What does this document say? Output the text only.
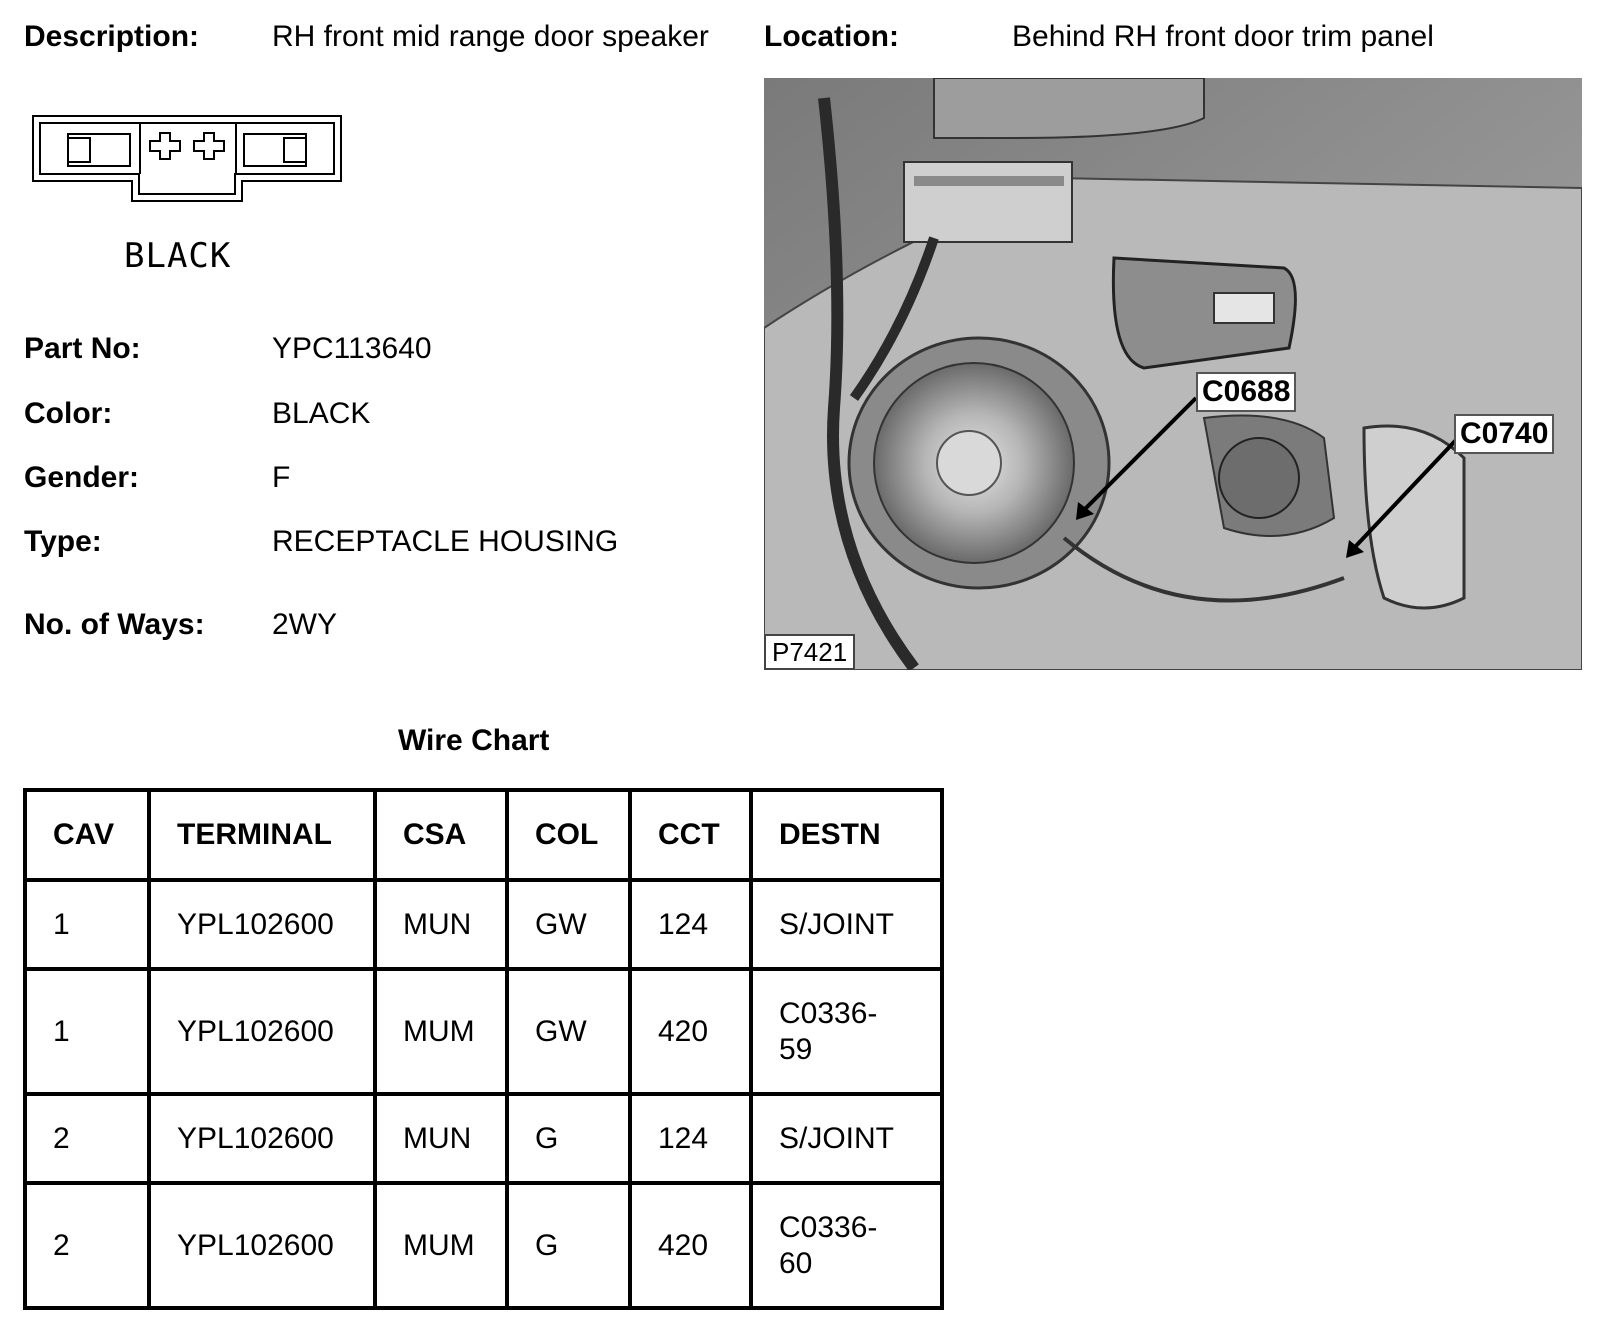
Description: RH front mid range door speaker Location:	Behind RH front door trim panel
BLACK
Part No:	YPC113640
Color:	BLACK
Gender:	F
Type:	RECEPTACLE HOUSING
No. of Ways: 2WY
C0688
C0740
P7421
Wire Chart
CAV	TERMINAL	CSA	COL	CCT	DESTN
1	YPL102600	MUN	GW	124	S/JOINT
1	YPL102600	MUM	GW	420	C0336-
59
2	YPL102600	MUN	G	124	S/JOINT
2	YPL102600	MUM	G	420	C0336-
60
